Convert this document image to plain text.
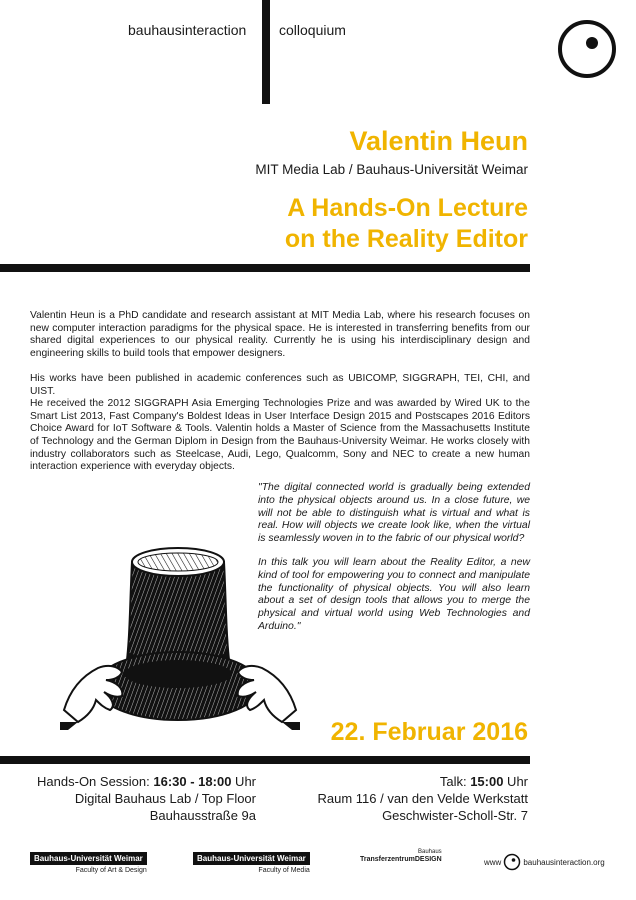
bauhausinteraction colloquium
Valentin Heun
MIT Media Lab / Bauhaus-Universität Weimar
A Hands-On Lecture
on the Reality Editor

Valentin Heun is a PhD candidate and research assistant at MIT Media Lab, where his research focuses on new computer interaction paradigms for the physical space. He is interested in transferring benefits from our shared digital experiences to our physical reality. Currently he is using his interdisciplinary design and engineering skills to build tools that empower designers.

His works have been published in academic conferences such as UBICOMP, SIGGRAPH, TEI, CHI, and UIST.

He received the 2012 SIGGRAPH Asia Emerging Technologies Prize and was awarded by Wired UK to the Smart List 2013, Fast Company's Boldest Ideas in User Interface Design 2015 and Postscapes 2016 Editors Choice Award for IoT Software & Tools. Valentin holds a Master of Science from the Massachusetts Institute of Technology and the German Diplom in Design from the Bauhaus-University Weimar. He works closely with industry collaborators such as Steelcase, Audi, Lego, Qualcomm, Sony and NEC to create a new human interaction experience with everyday objects.

"The digital connected world is gradually being extended into the physical objects around us. In a close future, we will not be able to distinguish what is virtual and what is real. How will objects we create look like, when the virtual is seamlessly woven in to the fabric of our physical world?

In this talk you will learn about the Reality Editor, a new kind of tool for empowering you to connect and manipulate the functionality of physical objects. You will also learn about a set of design tools that allows you to merge the physical and virtual world using Web Technologies and Arduino."

22. Februar 2016
Hands-On Session: 16:30 - 18:00 Uhr
Digital Bauhaus Lab / Top Floor
Bauhausstraße 9a
Talk: 15:00 Uhr
Raum 116 / van den Velde Werkstatt
Geschwister-Scholl-Str. 7
Bauhaus-Universität Weimar
Faculty of Art & Design
Bauhaus-Universität Weimar
Faculty of Media
Bauhaus
TransferzentrumDESIGN	www	bauhausinteraction.org
